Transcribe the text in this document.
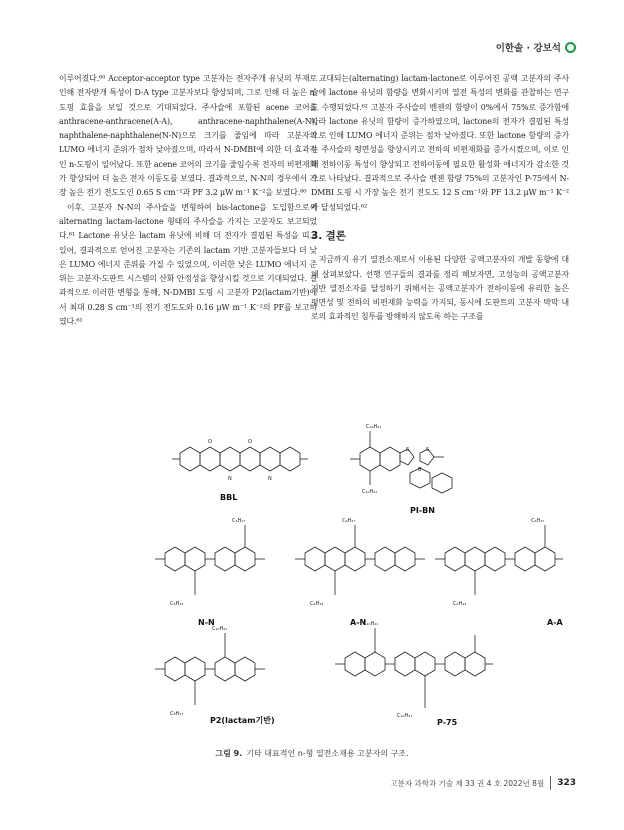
이한솔 · 강보석

이루어졌다.⁶⁰ Acceptor-acceptor type 고분자는 전자주개 유닛의 부재로 인해 전자받개 특성이 D-A type 고분자보다 향상되며, 그로 인해 더 높은 n-도핑 효율을 보일 것으로 기대되었다. 주사슬에 포함된 acene 코어를 anthracene-anthracene(A-A), anthracene-naphthalene(A-N), naphthalene-naphthalene(N-N)으로 크기를 줄임에 따라 고분자의 LUMO 에너지 준위가 점차 낮아졌으며, 따라서 N-DMBI에 의한 더 효과적인 n-도핑이 일어났다. 또한 acene 코어의 크기를 줄임수록 전자의 비편재화가 향상되어 더 높은 전자 이동도를 보였다. 결과적으로, N-N의 경우에서 가장 높은 전기 전도도인 0.65 S cm⁻¹과 PF 3.2 μW m⁻¹ K⁻²을 보였다.⁶⁰

이후, 고분자 N-N의 주사슬을 변형하여 bis-lactone을 도입함으로써 alternating lactam-lactone 형태의 주사슬을 가지는 고분자도 보고되었다.⁶¹ Lactone 유닛은 lactam 유닛에 비해 더 전자가 결핍된 특성을 띠고 있어, 결과적으로 얻어진 고분자는 기존의 lactam 기반 고분자들보다 더 낮은 LUMO 에너지 준위를 가질 수 있었으며, 이러한 낮은 LUMO 에너지 준위는 고분자-도판트 시스템의 산화 안정성을 향상시킬 것으로 기대되었다. 결과적으로 이러한 변형을 통해, N-DMBI 도핑 시 고분자 P2(lactam기반)에서 최대 0.28 S cm⁻¹의 전기 전도도와 0.16 μW m⁻¹ K⁻²의 PF를 보고하였다.⁶¹

교대되는(alternating) lactam-lactone로 이루어진 공액 고분자의 주사슬에 lactone 유닛의 함량을 변화시키며 열전 특성의 변화를 관찰하는 연구도 수행되었다.⁶² 고분자 주사슬의 벤젠의 함량이 0%에서 75%로 증가함에 따라 lactone 유닛의 함량이 증가하였으며, lactone의 전자가 결핍된 특성으로 인해 LUMO 에너지 준위는 점차 낮아졌다. 또한 lactone 함량의 증가는 주사슬의 평면성을 향상시키고 전하의 비편재화를 증가시켰으며, 이로 인해 전하이동 특성이 향상되고 전하이동에 필요한 활성화 에너지가 감소한 것으로 나타났다. 결과적으로 주사슬 벤젠 함량 75%의 고분자인 P-75에서 N-DMBI 도핑 시 가장 높은 전기 전도도 12 S cm⁻¹와 PF 13.2 μW m⁻¹ K⁻²가 달성되었다.⁶²

3. 결론

지금까지 유기 열전소재로서 이용된 다양한 공액고분자의 개발 동향에 대해 살펴보았다. 선행 연구들의 결과를 정리 해보자면, 고성능의 공액고분자 기반 열전소자를 달성하기 위해서는 공액고분자가 전하이동에 유리한 높은 평면성 및 전하의 비편재화 능력을 가지되, 동시에 도판트의 고분자 박막 내로의 효과적인 침투를 방해하지 않도록 하는 구조를

O	O
N	N
BBL
C₁₀H₂₁
C₁₀H₂₁
S	S
B
PI-BN
C₆H₁₇
C₆H₁₃
N-N
C₆H₁₇
C₆H₁₃
A-N
C₆H₁₇
C₆H₁₃
A-A
C₁₀H₂₁
C₈H₁₇
P2(lactam기반)
C₁₀H₂₁
C₁₀H₂₁
P-75
그림 9. 기타 대표적인 n-형 열전소재용 고분자의 구조.
고분자 과학과 기술 제 33 권 4 호 2022년 8월 323
